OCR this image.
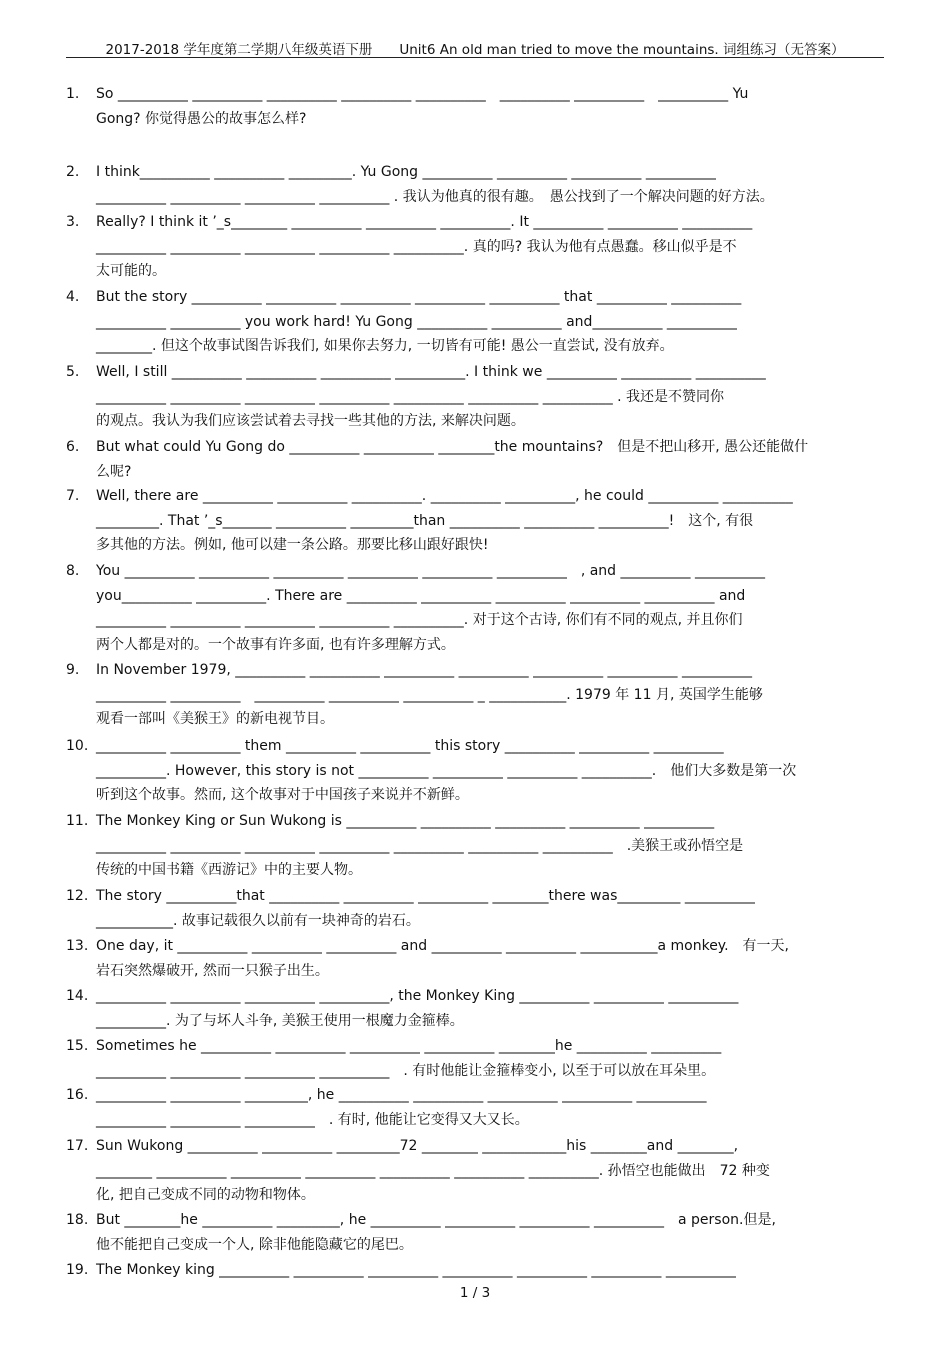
2017-2018 学年度第二学期八年级英语下册　　Unit6 An old man tried to move the mountains. 词组练习（无答案）
1.	So __________ __________ __________ __________ __________　__________ __________　__________ Yu
Gong? 你觉得愚公的故事怎么样?
2.	I think__________ __________ _________. Yu Gong __________ __________ __________ __________
__________ __________ __________ __________ . 我认为他真的很有趣。　愚公找到了一个解决问题的好方法。
3.	Really? I think it ’_s________ __________ __________ __________. It __________ __________ __________
__________ __________ __________ __________ __________. 真的吗? 我认为他有点愚蠢。移山似乎是不
太可能的。
4.	But the story __________ __________ __________ __________ __________ that __________ __________
__________ __________ you work hard! Yu Gong __________ __________ and__________ __________
________. 但这个故事试图告诉我们, 如果你去努力, 一切皆有可能! 愚公一直尝试, 没有放弃。
5.	Well, I still __________ __________ __________ __________. I think we __________ __________ __________
__________ __________ __________ __________ __________ __________ __________ . 我还是不赞同你
的观点。我认为我们应该尝试着去寻找一些其他的方法, 来解决问题。
6.	But what could Yu Gong do __________ __________ ________the mountains?　但是不把山移开, 愚公还能做什
么呢?
7.	Well, there are __________ __________ __________. __________ __________, he could __________ __________
_________. That ’_s_______ __________ _________than __________ __________ __________!　这个, 有很
多其他的方法。例如, 他可以建一条公路。那要比移山跟好跟快!
8.	You __________ __________ __________ __________ __________ __________　, and __________ __________
you__________ __________. There are __________ __________ __________ __________ __________ and
__________ __________ __________ __________ __________. 对于这个古诗, 你们有不同的观点, 并且你们
两个人都是对的。一个故事有许多面, 也有许多理解方式。
9.	In November 1979, __________ __________ __________ __________ __________ __________ __________
__________ __________　__________ __________ __________ _ ___________. 1979 年 11 月, 英国学生能够
观看一部叫《美猴王》的新电视节目。
10. __________ __________ them __________ __________ this story __________ __________ __________
__________. However, this story is not __________ __________ __________ __________.　他们大多数是第一次
听到这个故事。然而, 这个故事对于中国孩子来说并不新鲜。
11. The Monkey King or Sun Wukong is __________ __________ __________ __________ __________
__________ __________ __________ __________ __________ __________ __________　.美猴王或孙悟空是
传统的中国书籍《西游记》中的主要人物。
12. The story __________that __________ __________ __________ ________there was_________ __________
___________. 故事记载很久以前有一块神奇的岩石。
13. One day, it __________ __________ __________ and __________ __________ ___________a monkey.　有一天,
岩石突然爆破开, 然而一只猴子出生。
14. __________ __________ __________ __________, the Monkey King __________ __________ __________
__________. 为了与坏人斗争, 美猴王使用一根魔力金箍棒。
15. Sometimes he __________ __________ __________ __________ ________he __________ __________
__________ __________ __________ __________　. 有时他能让金箍棒变小, 以至于可以放在耳朵里。
16. __________ __________ _________, he __________ __________ __________ __________ __________
__________ __________ __________　. 有时, 他能让它变得又大又长。
17. Sun Wukong __________ __________ _________72 ________ ____________his ________and ________,
________ __________ __________ __________ __________ __________ __________. 孙悟空也能做出　72 种变
化, 把自己变成不同的动物和物体。
18. But ________he __________ _________, he __________ __________ __________ __________　a person.但是,
他不能把自己变成一个人, 除非他能隐藏它的尾巴。
19. The Monkey king __________ __________ __________ __________ __________ __________ __________
1 / 3
